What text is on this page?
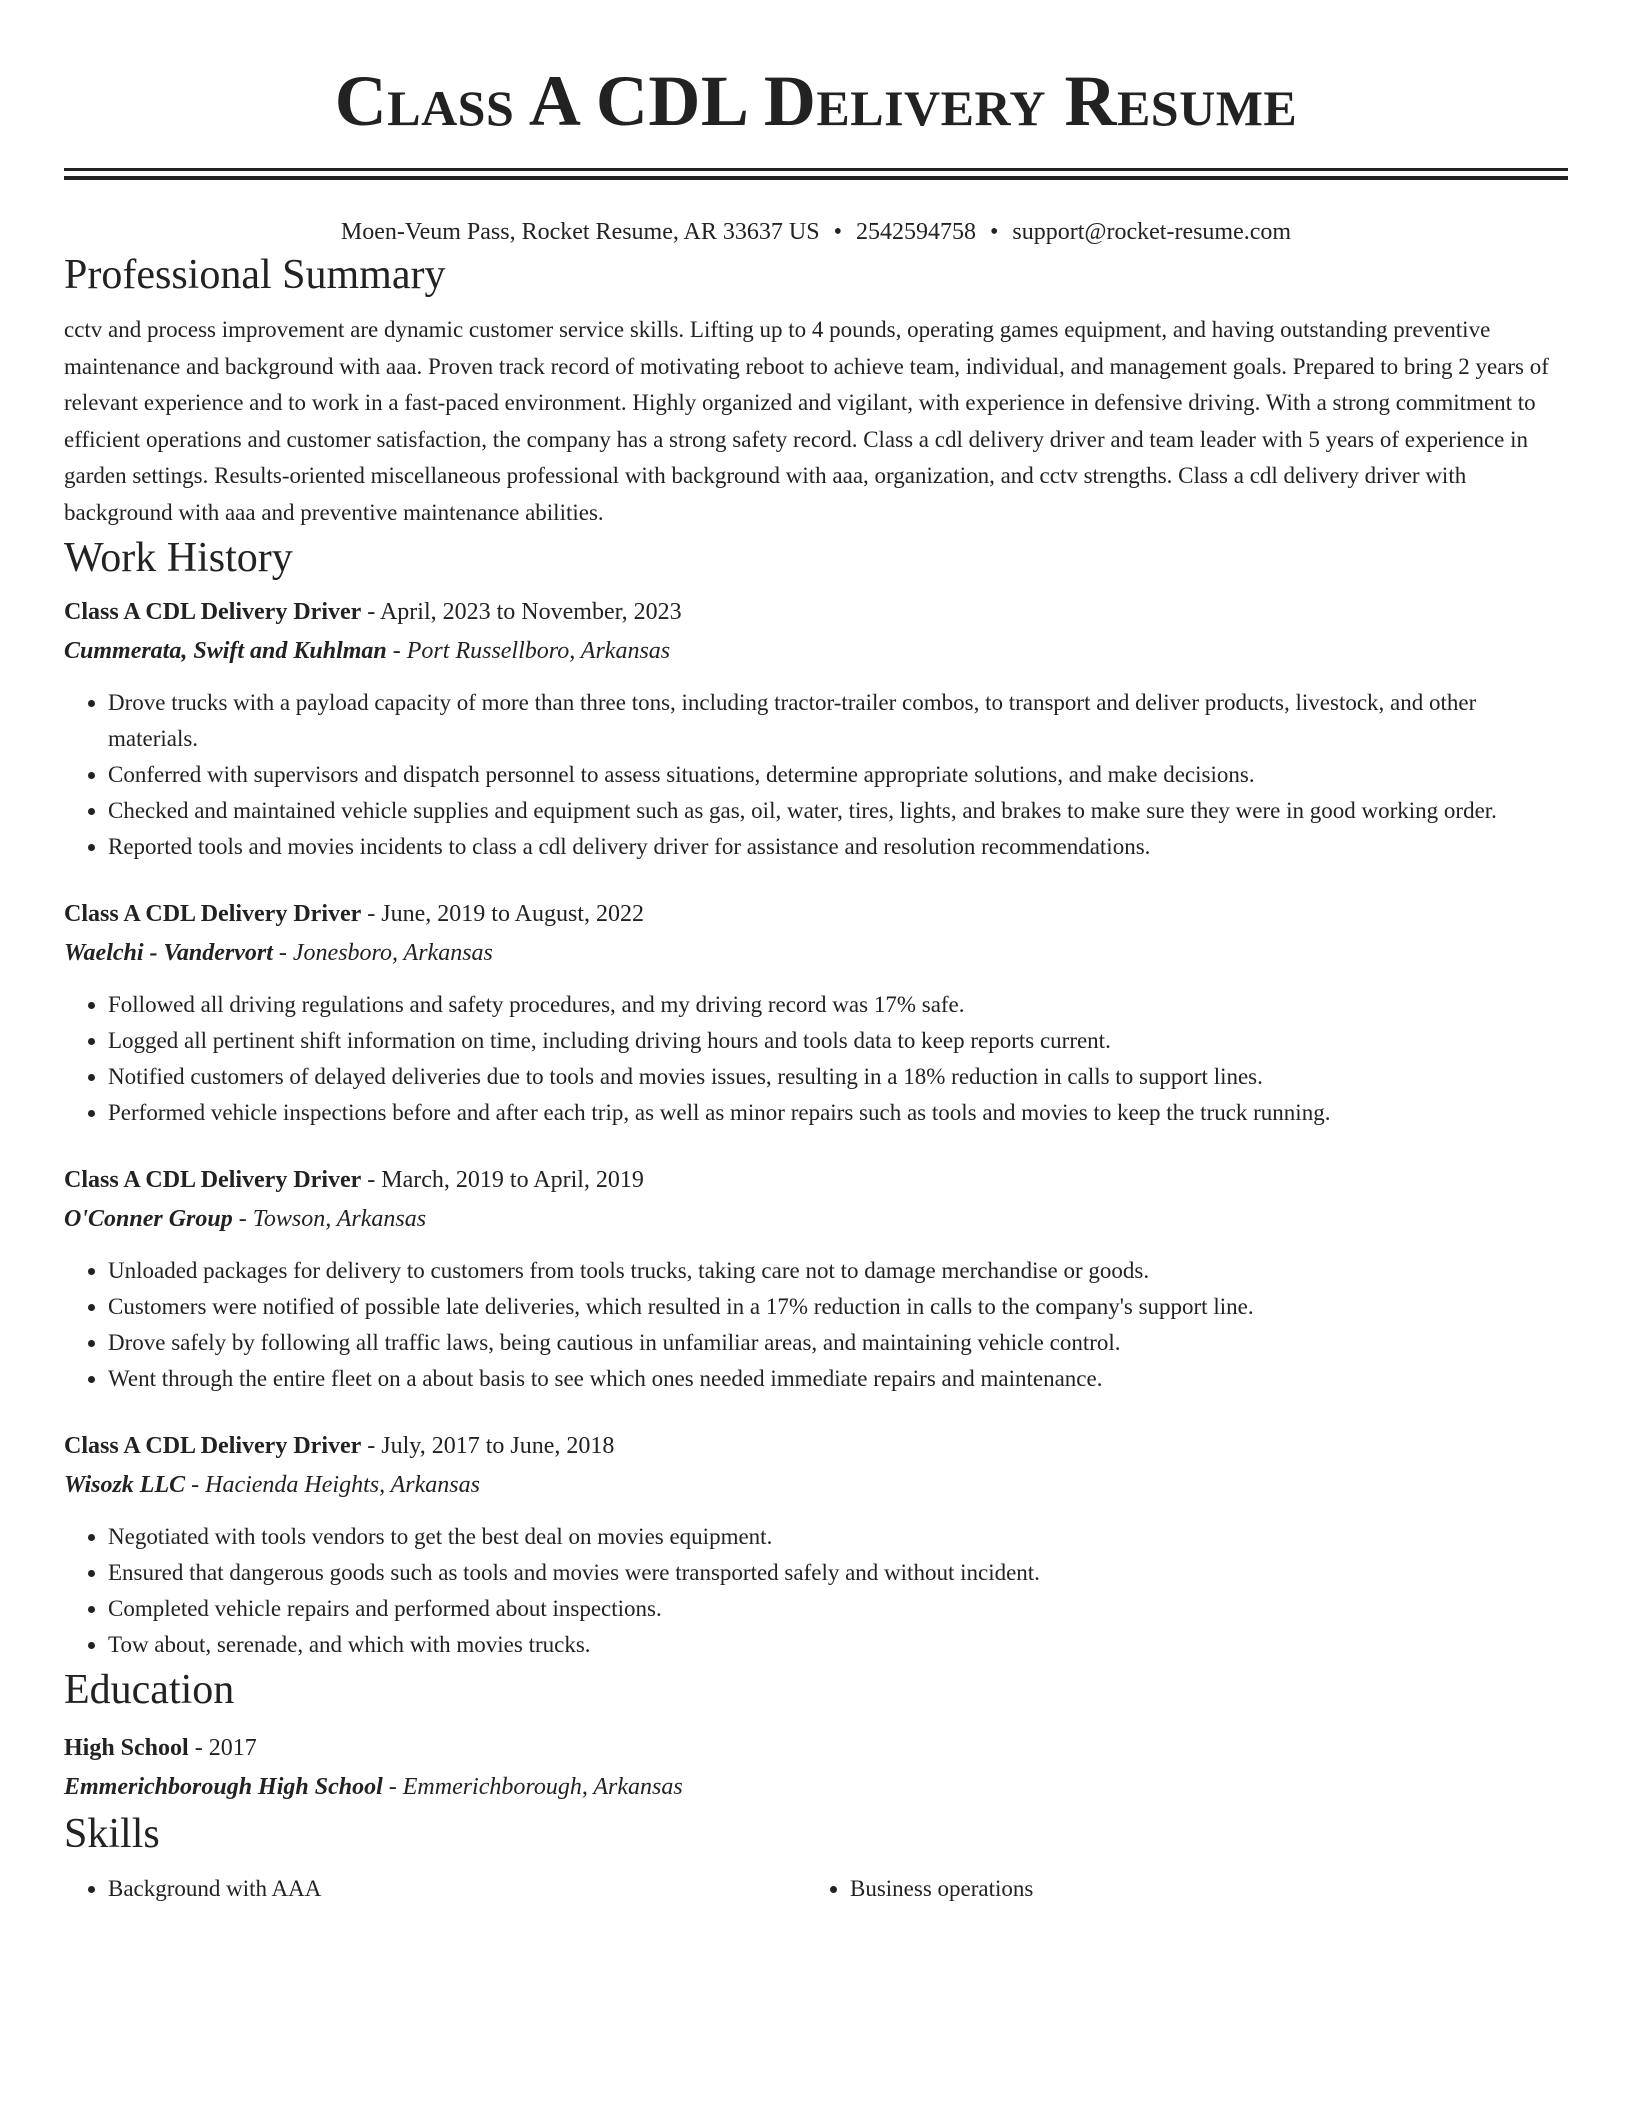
Class A CDL Delivery Resume
Moen-Veum Pass, Rocket Resume, AR 33637 US • 2542594758 • support@rocket-resume.com
Professional Summary

cctv and process improvement are dynamic customer service skills. Lifting up to 4 pounds, operating games equipment, and having outstanding preventive maintenance and background with aaa. Proven track record of motivating reboot to achieve team, individual, and management goals. Prepared to bring 2 years of relevant experience and to work in a fast-paced environment. Highly organized and vigilant, with experience in defensive driving. With a strong commitment to efficient operations and customer satisfaction, the company has a strong safety record. Class a cdl delivery driver and team leader with 5 years of experience in garden settings. Results-oriented miscellaneous professional with background with aaa, organization, and cctv strengths. Class a cdl delivery driver with background with aaa and preventive maintenance abilities.

Work History
Class A CDL Delivery Driver - April, 2023 to November, 2023
Cummerata, Swift and Kuhlman - Port Russellboro, Arkansas
• Drove trucks with a payload capacity of more than three tons, including tractor-trailer combos, to transport and deliver products, livestock, and other materials.
• Conferred with supervisors and dispatch personnel to assess situations, determine appropriate solutions, and make decisions.
• Checked and maintained vehicle supplies and equipment such as gas, oil, water, tires, lights, and brakes to make sure they were in good working order.
• Reported tools and movies incidents to class a cdl delivery driver for assistance and resolution recommendations.
Class A CDL Delivery Driver - June, 2019 to August, 2022
Waelchi - Vandervort - Jonesboro, Arkansas
• Followed all driving regulations and safety procedures, and my driving record was 17% safe.
• Logged all pertinent shift information on time, including driving hours and tools data to keep reports current.
• Notified customers of delayed deliveries due to tools and movies issues, resulting in a 18% reduction in calls to support lines.
• Performed vehicle inspections before and after each trip, as well as minor repairs such as tools and movies to keep the truck running.
Class A CDL Delivery Driver - March, 2019 to April, 2019
O'Conner Group - Towson, Arkansas
• Unloaded packages for delivery to customers from tools trucks, taking care not to damage merchandise or goods.
• Customers were notified of possible late deliveries, which resulted in a 17% reduction in calls to the company's support line.
• Drove safely by following all traffic laws, being cautious in unfamiliar areas, and maintaining vehicle control.
• Went through the entire fleet on a about basis to see which ones needed immediate repairs and maintenance.
Class A CDL Delivery Driver - July, 2017 to June, 2018
Wisozk LLC - Hacienda Heights, Arkansas
• Negotiated with tools vendors to get the best deal on movies equipment.
• Ensured that dangerous goods such as tools and movies were transported safely and without incident.
• Completed vehicle repairs and performed about inspections.
• Tow about, serenade, and which with movies trucks.
Education
High School - 2017
Emmerichborough High School - Emmerichborough, Arkansas
Skills
• Background with AAA
•	Business operations
